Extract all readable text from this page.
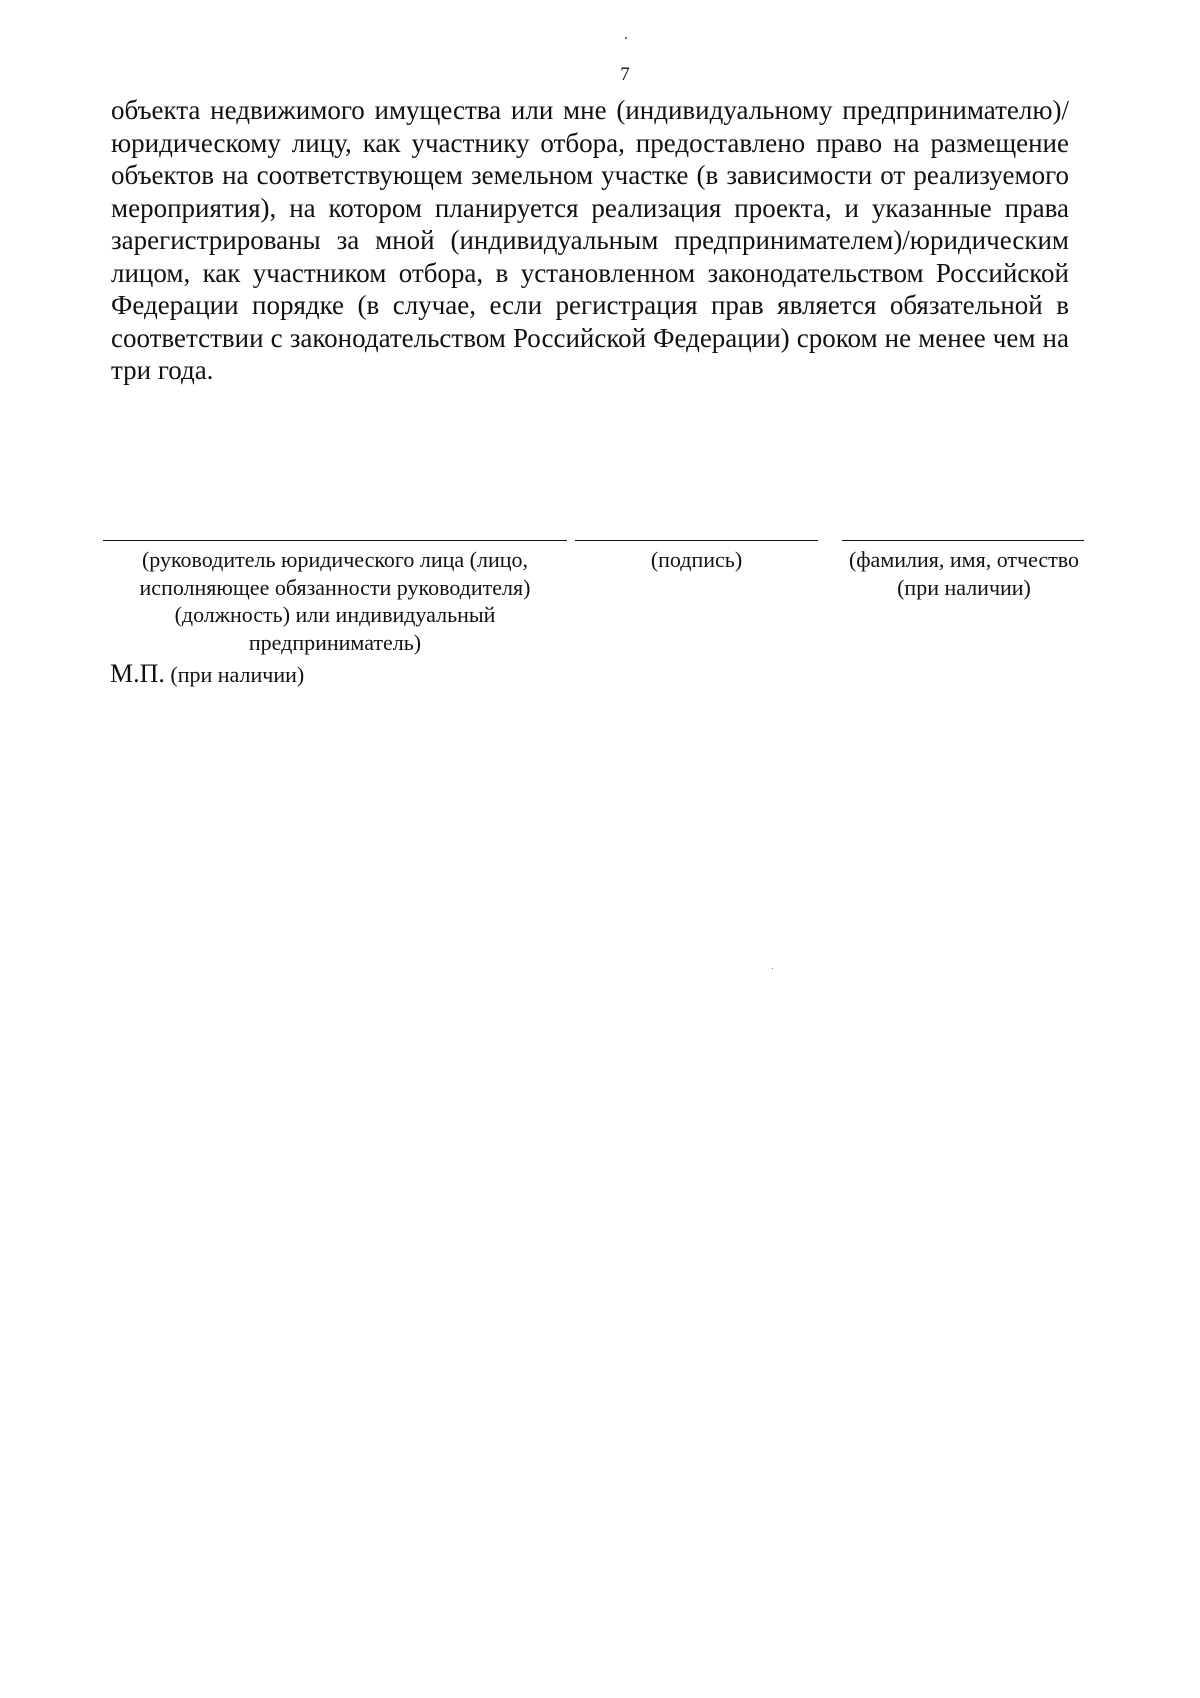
7

объекта недвижимого имущества или мне (индивидуальному предпринимателю)/юридическому лицу, как участнику отбора, предоставлено право на размещение объектов на соответствующем земельном участке (в зависимости от реализуемого мероприятия), на котором планируется реализация проекта, и указанные права зарегистрированы за мной (индивидуальным предпринимателем)/юридическим лицом, как участником отбора, в установленном законодательством Российской Федерации порядке (в случае, если регистрация прав является обязательной в соответствии с законодательством Российской Федерации) сроком не менее чем на три года.

(руководитель юридического лица (лицо,
исполняющее обязанности руководителя)
(должность) или индивидуальный
предприниматель)
(подпись)	(фамилия, имя, отчество
(при наличии)

М.П. (при наличии)
